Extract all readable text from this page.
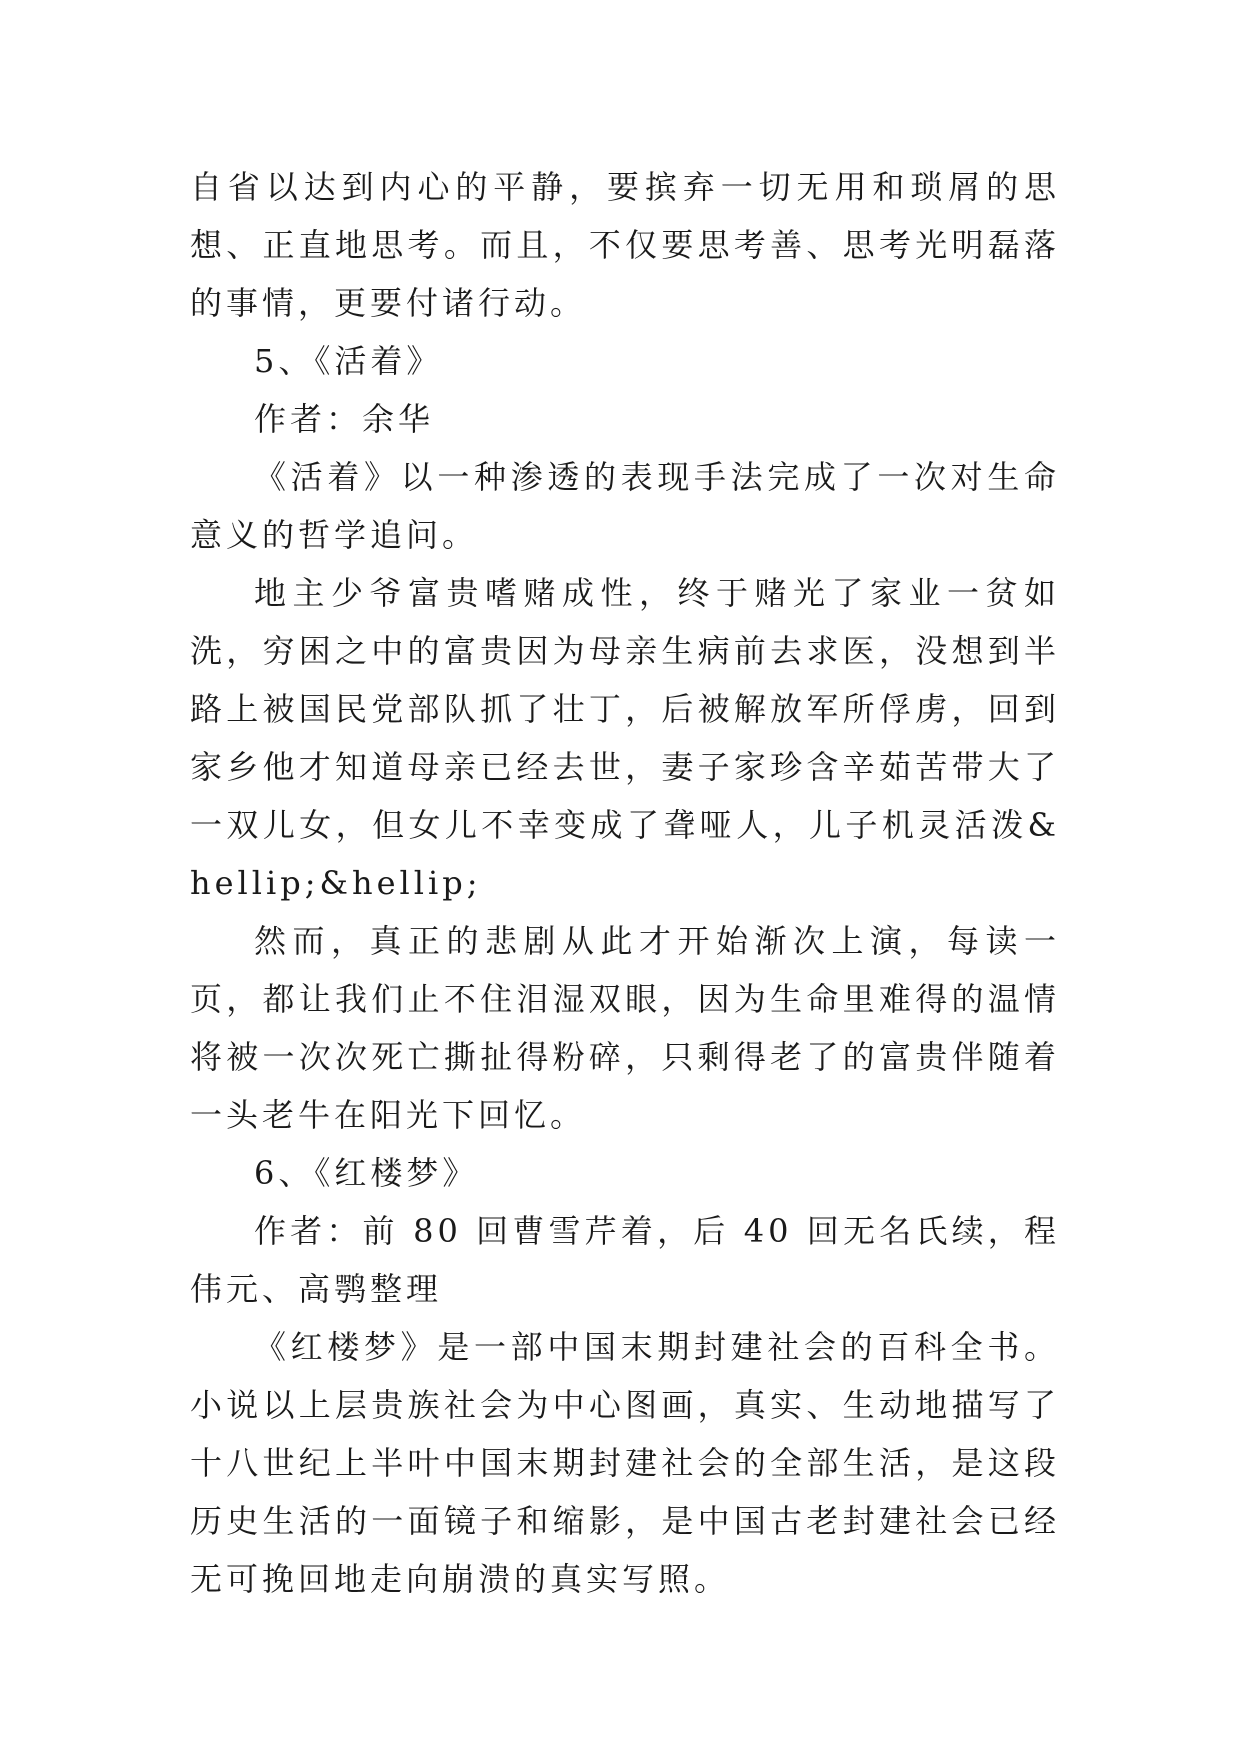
自省以达到内心的平静，要摈弃一切无用和琐屑的思想、正直地思考。而且，不仅要思考善、思考光明磊落的事情，更要付诸行动。

5、《活着》

作者：余华

《活着》以一种渗透的表现手法完成了一次对生命意义的哲学追问。

地主少爷富贵嗜赌成性，终于赌光了家业一贫如洗，穷困之中的富贵因为母亲生病前去求医，没想到半路上被国民党部队抓了壮丁，后被解放军所俘虏，回到家乡他才知道母亲已经去世，妻子家珍含辛茹苦带大了一双儿女，但女儿不幸变成了聋哑人，儿子机灵活泼&hellip;&hellip;

然而，真正的悲剧从此才开始渐次上演，每读一页，都让我们止不住泪湿双眼，因为生命里难得的温情将被一次次死亡撕扯得粉碎，只剩得老了的富贵伴随着一头老牛在阳光下回忆。

6、《红楼梦》

作者：前 80 回曹雪芹着，后 40 回无名氏续，程伟元、高鹗整理

《红楼梦》是一部中国末期封建社会的百科全书。小说以上层贵族社会为中心图画，真实、生动地描写了十八世纪上半叶中国末期封建社会的全部生活，是这段历史生活的一面镜子和缩影，是中国古老封建社会已经无可挽回地走向崩溃的真实写照。
